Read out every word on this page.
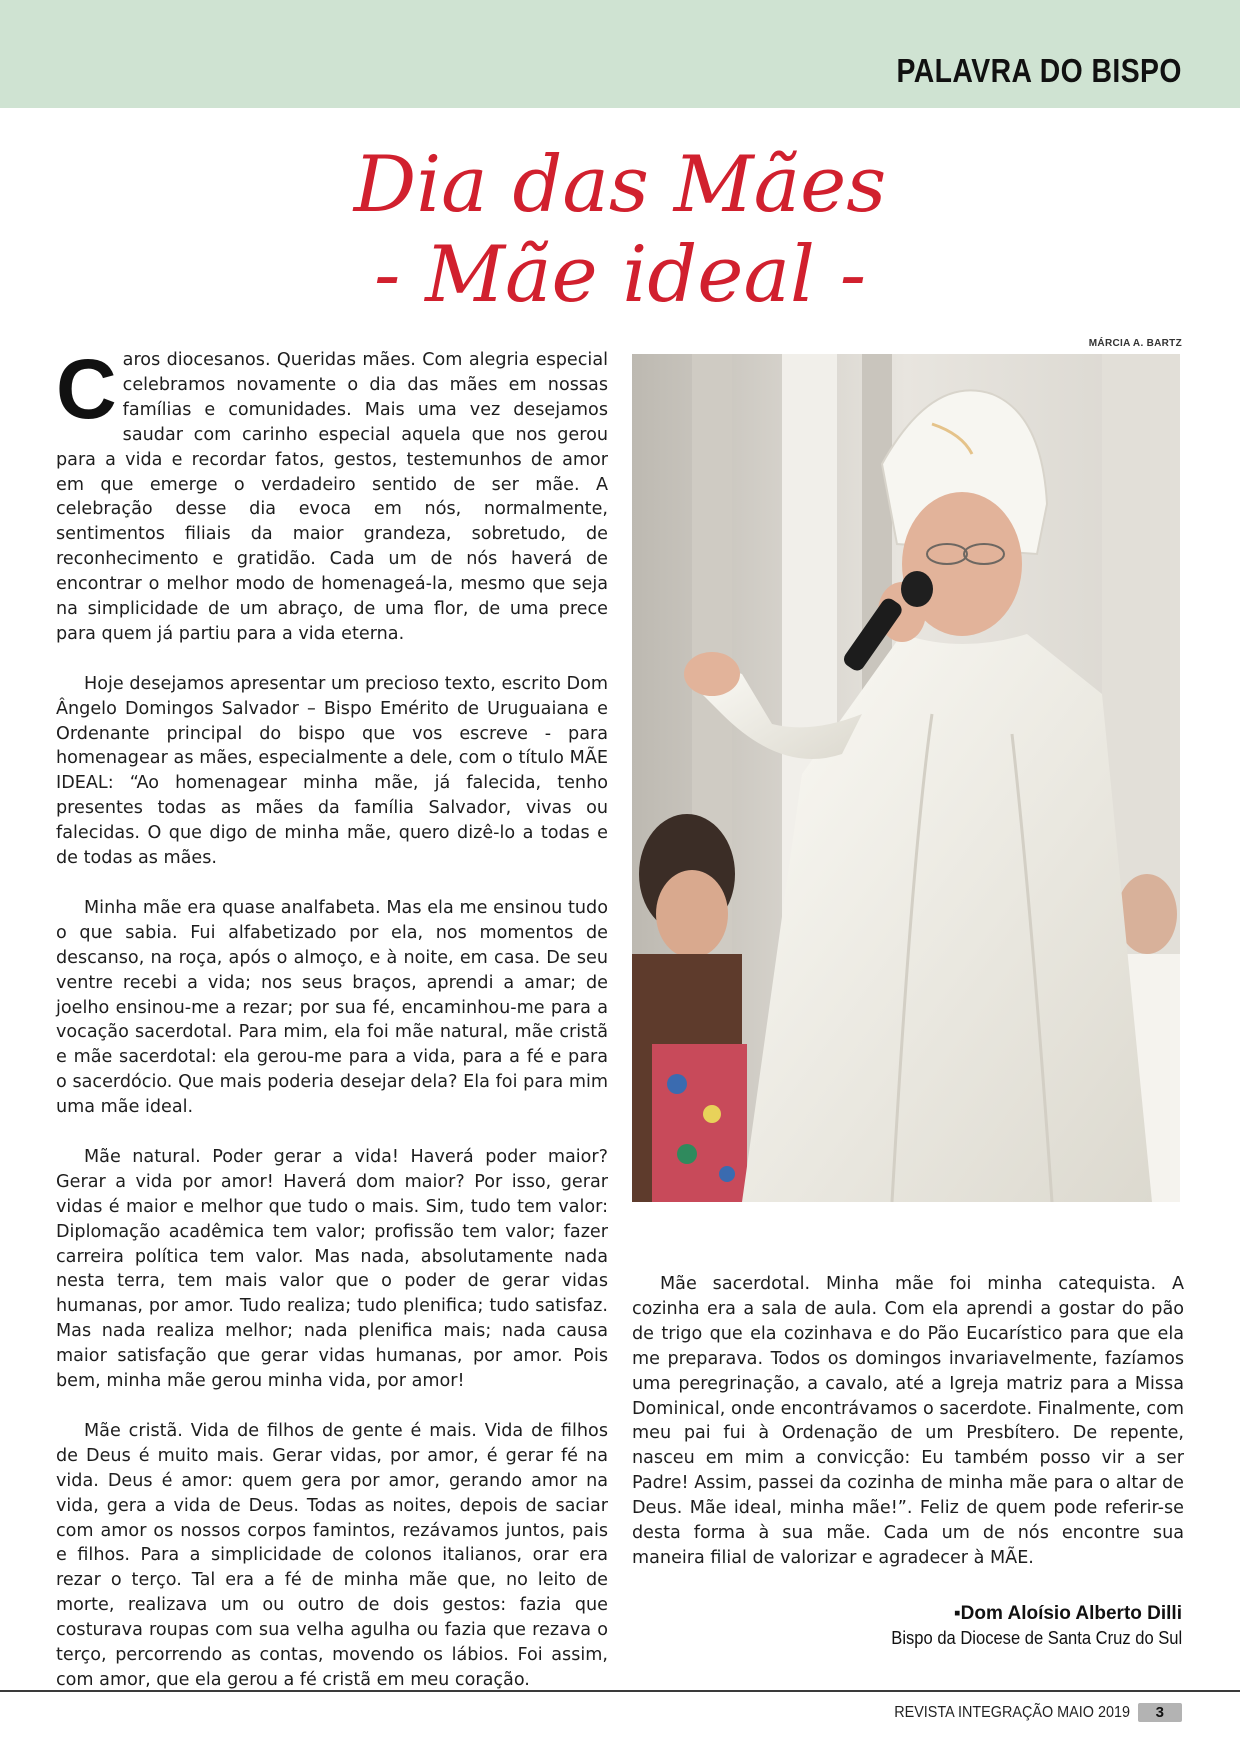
PALAVRA DO BISPO
Dia das Mães
- Mãe ideal -

Caros diocesanos. Queridas mães. Com alegria especial celebramos novamente o dia das mães em nossas famílias e comunidades. Mais uma vez desejamos saudar com carinho especial aquela que nos gerou para a vida e recordar fatos, gestos, testemunhos de amor em que emerge o verdadeiro sentido de ser mãe. A celebração desse dia evoca em nós, normalmente, sentimentos filiais da maior grandeza, sobretudo, de reconhecimento e gratidão. Cada um de nós haverá de encontrar o melhor modo de homenageá-la, mesmo que seja na simplicidade de um abraço, de uma flor, de uma prece para quem já partiu para a vida eterna.

Hoje desejamos apresentar um precioso texto, escrito Dom Ângelo Domingos Salvador – Bispo Emérito de Uruguaiana e Ordenante principal do bispo que vos escreve - para homenagear as mães, especialmente a dele, com o título MÃE IDEAL: “Ao homenagear minha mãe, já falecida, tenho presentes todas as mães da família Salvador, vivas ou falecidas. O que digo de minha mãe, quero dizê-lo a todas e de todas as mães.

Minha mãe era quase analfabeta. Mas ela me ensinou tudo o que sabia. Fui alfabetizado por ela, nos momentos de descanso, na roça, após o almoço, e à noite, em casa. De seu ventre recebi a vida; nos seus braços, aprendi a amar; de joelho ensinou-me a rezar; por sua fé, encaminhou-me para a vocação sacerdotal. Para mim, ela foi mãe natural, mãe cristã e mãe sacerdotal: ela gerou-me para a vida, para a fé e para o sacerdócio. Que mais poderia desejar dela? Ela foi para mim uma mãe ideal.

Mãe natural. Poder gerar a vida! Haverá poder maior? Gerar a vida por amor! Haverá dom maior? Por isso, gerar vidas é maior e melhor que tudo o mais. Sim, tudo tem valor: Diplomação acadêmica tem valor; profissão tem valor; fazer carreira política tem valor. Mas nada, absolutamente nada nesta terra, tem mais valor que o poder de gerar vidas humanas, por amor. Tudo realiza; tudo plenifica; tudo satisfaz. Mas nada realiza melhor; nada plenifica mais; nada causa maior satisfação que gerar vidas humanas, por amor. Pois bem, minha mãe gerou minha vida, por amor!

Mãe cristã. Vida de filhos de gente é mais. Vida de filhos de Deus é muito mais. Gerar vidas, por amor, é gerar fé na vida. Deus é amor: quem gera por amor, gerando amor na vida, gera a vida de Deus. Todas as noites, depois de saciar com amor os nossos corpos famintos, rezávamos juntos, pais e filhos. Para a simplicidade de colonos italianos, orar era rezar o terço. Tal era a fé de minha mãe que, no leito de morte, realizava um ou outro de dois gestos: fazia que costurava roupas com sua velha agulha ou fazia que rezava o terço, percorrendo as contas, movendo os lábios. Foi assim, com amor, que ela gerou a fé cristã em meu coração.

MÁRCIA A. BARTZ

Mãe sacerdotal. Minha mãe foi minha catequista. A cozinha era a sala de aula. Com ela aprendi a gostar do pão de trigo que ela cozinhava e do Pão Eucarístico para que ela me preparava. Todos os domingos invariavelmente, fazíamos uma peregrinação, a cavalo, até a Igreja matriz para a Missa Dominical, onde encontrávamos o sacerdote. Finalmente, com meu pai fui à Ordenação de um Presbítero. De repente, nasceu em mim a convicção: Eu também posso vir a ser Padre! Assim, passei da cozinha de minha mãe para o altar de Deus. Mãe ideal, minha mãe!”. Feliz de quem pode referir-se desta forma à sua mãe. Cada um de nós encontre sua maneira filial de valorizar e agradecer à MÃE.

▪Dom Aloísio Alberto Dilli
Bispo da Diocese de Santa Cruz do Sul
REVISTA INTEGRAÇÃO MAIO 2019	3
